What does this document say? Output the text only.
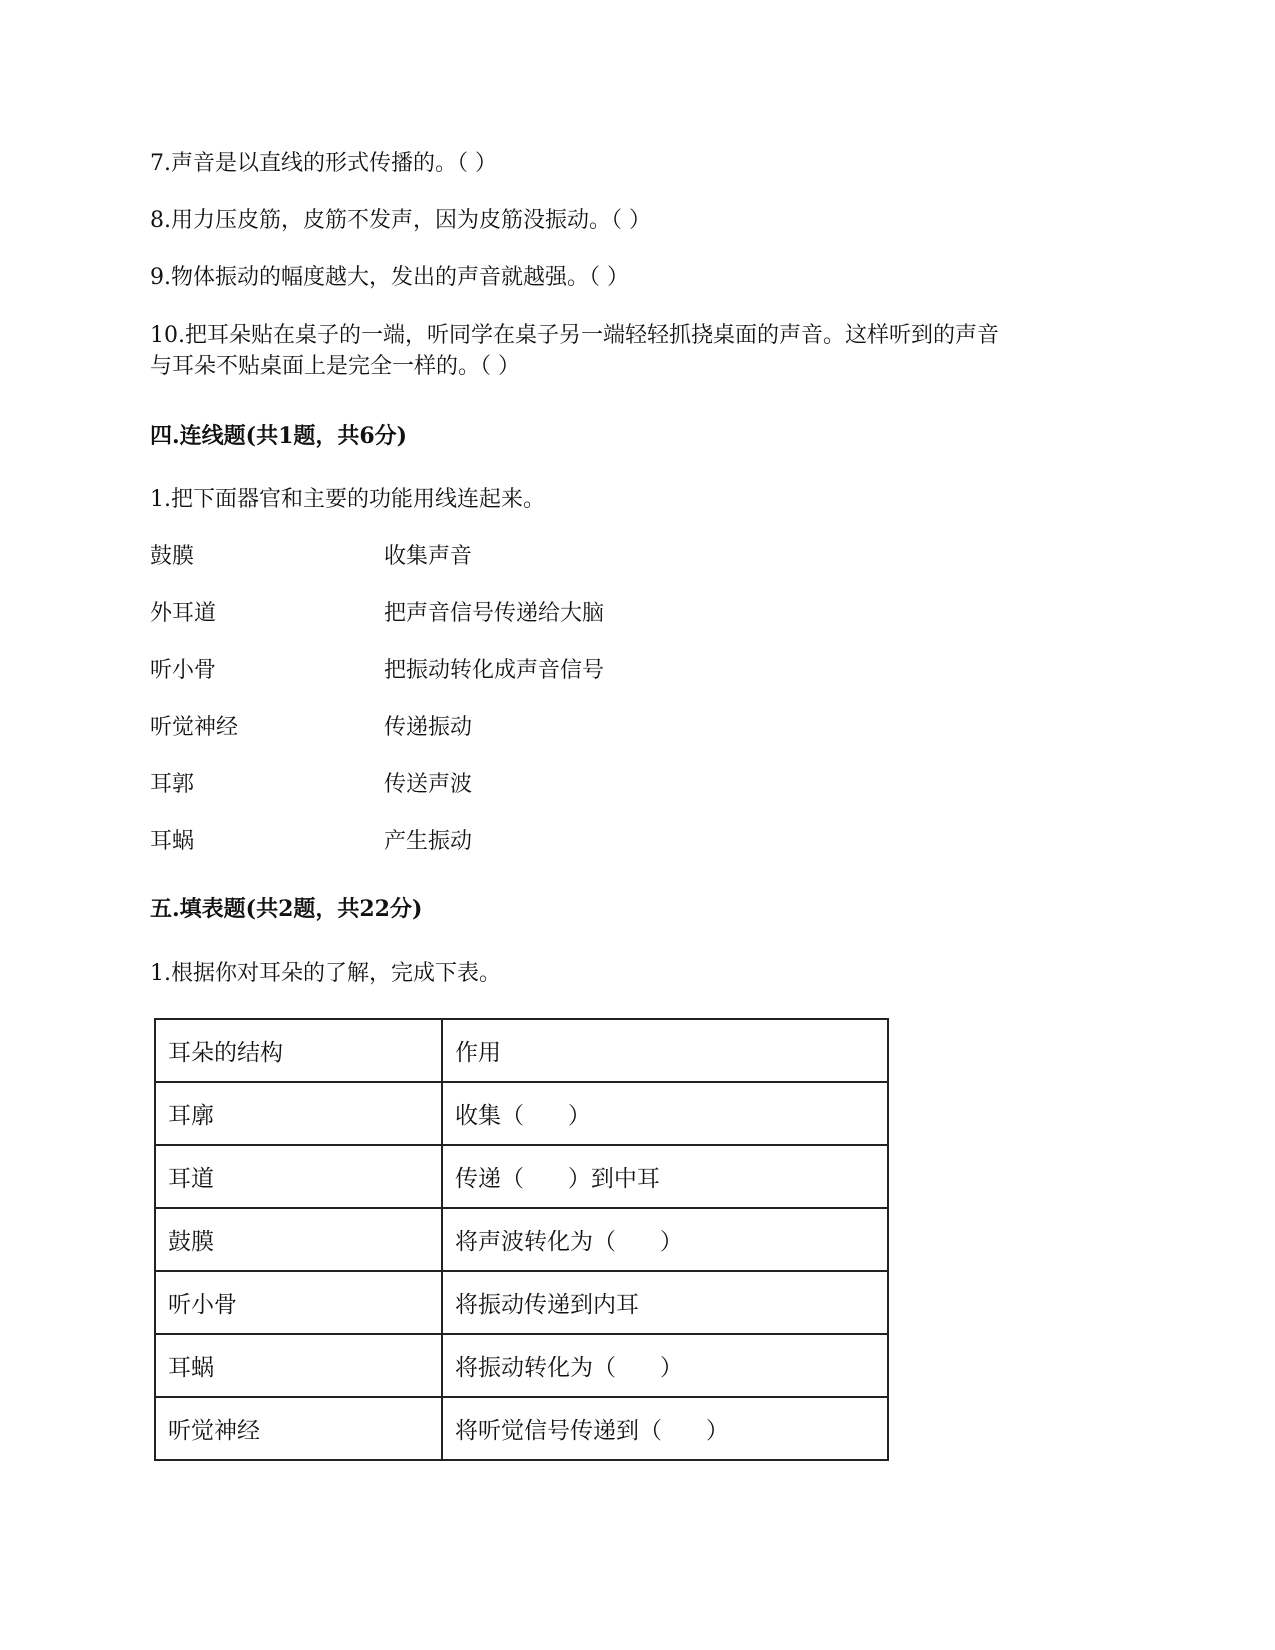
7.声音是以直线的形式传播的。（ ）
8.用力压皮筋，皮筋不发声，因为皮筋没振动。（ ）
9.物体振动的幅度越大，发出的声音就越强。（ ）
10.把耳朵贴在桌子的一端，听同学在桌子另一端轻轻抓挠桌面的声音。这样听到的声音
与耳朵不贴桌面上是完全一样的。（ ）
四.连线题(共1题，共6分)
1.把下面器官和主要的功能用线连起来。
鼓膜	收集声音
外耳道	把声音信号传递给大脑
听小骨	把振动转化成声音信号
听觉神经	传递振动
耳郭	传送声波
耳蜗	产生振动
五.填表题(共2题，共22分)
1.根据你对耳朵的了解，完成下表。
耳朵的结构	作用
耳廓	收集（      ）
耳道	传递（      ）到中耳
鼓膜	将声波转化为（      ）
听小骨	将振动传递到内耳
耳蜗	将振动转化为（      ）
听觉神经	将听觉信号传递到（      ）
